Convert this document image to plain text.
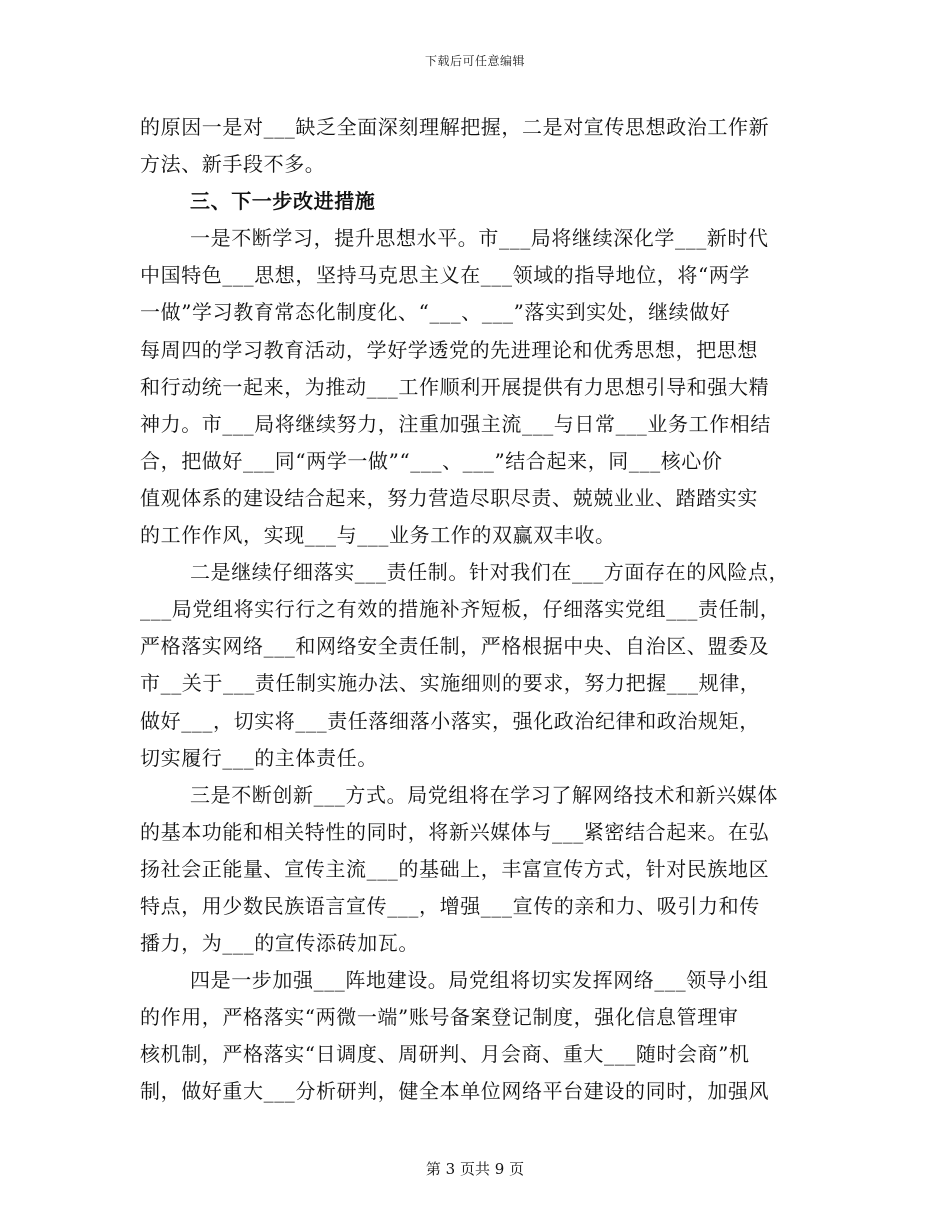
下载后可任意编辑
的原因一是对___缺乏全面深刻理解把握，二是对宣传思想政治工作新
方法、新手段不多。
三、下一步改进措施
一是不断学习，提升思想水平。市___局将继续深化学___新时代
中国特色___思想，坚持马克思主义在___领域的指导地位，将“两学
一做”学习教育常态化制度化、“___、___”落实到实处，继续做好
每周四的学习教育活动，学好学透党的先进理论和优秀思想，把思想
和行动统一起来，为推动___工作顺利开展提供有力思想引导和强大精
神力。市___局将继续努力，注重加强主流___与日常___业务工作相结
合，把做好___同“两学一做”“___、___”结合起来，同___核心价
值观体系的建设结合起来，努力营造尽职尽责、兢兢业业、踏踏实实
的工作作风，实现___与___业务工作的双赢双丰收。
二是继续仔细落实___责任制。针对我们在___方面存在的风险点，
___局党组将实行行之有效的措施补齐短板，仔细落实党组___责任制，
严格落实网络___和网络安全责任制，严格根据中央、自治区、盟委及
市__关于___责任制实施办法、实施细则的要求，努力把握___规律，
做好___，切实将___责任落细落小落实，强化政治纪律和政治规矩，
切实履行___的主体责任。
三是不断创新___方式。局党组将在学习了解网络技术和新兴媒体
的基本功能和相关特性的同时，将新兴媒体与___紧密结合起来。在弘
扬社会正能量、宣传主流___的基础上，丰富宣传方式，针对民族地区
特点，用少数民族语言宣传___，增强___宣传的亲和力、吸引力和传
播力，为___的宣传添砖加瓦。
四是一步加强___阵地建设。局党组将切实发挥网络___领导小组
的作用，严格落实“两微一端”账号备案登记制度，强化信息管理审
核机制，严格落实“日调度、周研判、月会商、重大___随时会商”机
制，做好重大___分析研判，健全本单位网络平台建设的同时，加强风
第 3 页共 9 页
